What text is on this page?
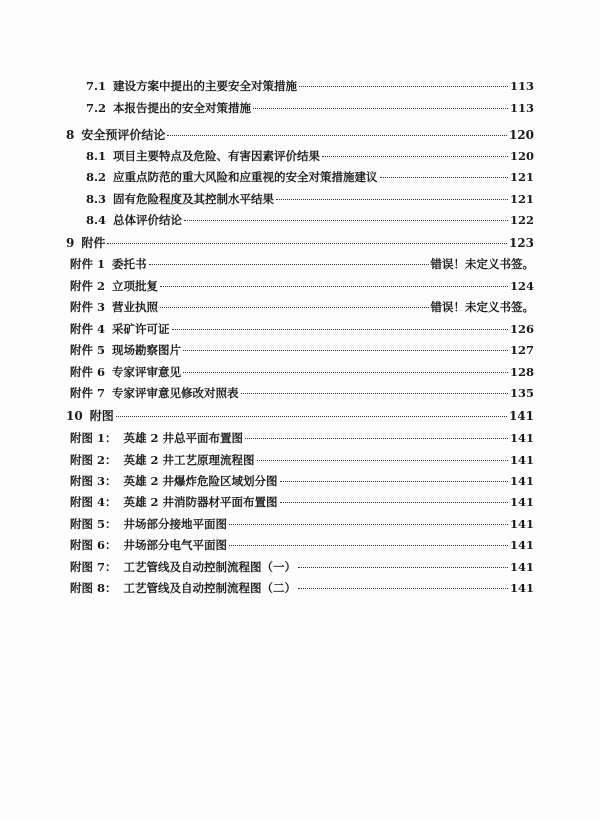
7.1 建设方案中提出的主要安全对策措施	113
7.2 本报告提出的安全对策措施	113
8 安全预评价结论	120
8.1 项目主要特点及危险、有害因素评价结果	120
8.2 应重点防范的重大风险和应重视的安全对策措施建议	121
8.3 固有危险程度及其控制水平结果	121
8.4 总体评价结论	122
9 附件	123
附件 1 委托书	错误！未定义书签。
附件 2 立项批复	124
附件 3 营业执照	错误！未定义书签。
附件 4 采矿许可证	126
附件 5 现场勘察图片	127
附件 6 专家评审意见	128
附件 7 专家评审意见修改对照表	135
10 附图	141
附图 1： 英雄 2 井总平面布置图	141
附图 2： 英雄 2 井工艺原理流程图	141
附图 3： 英雄 2 井爆炸危险区域划分图	141
附图 4： 英雄 2 井消防器材平面布置图	141
附图 5： 井场部分接地平面图	141
附图 6： 井场部分电气平面图	141
附图 7： 工艺管线及自动控制流程图（一）	141
附图 8： 工艺管线及自动控制流程图（二）	141
